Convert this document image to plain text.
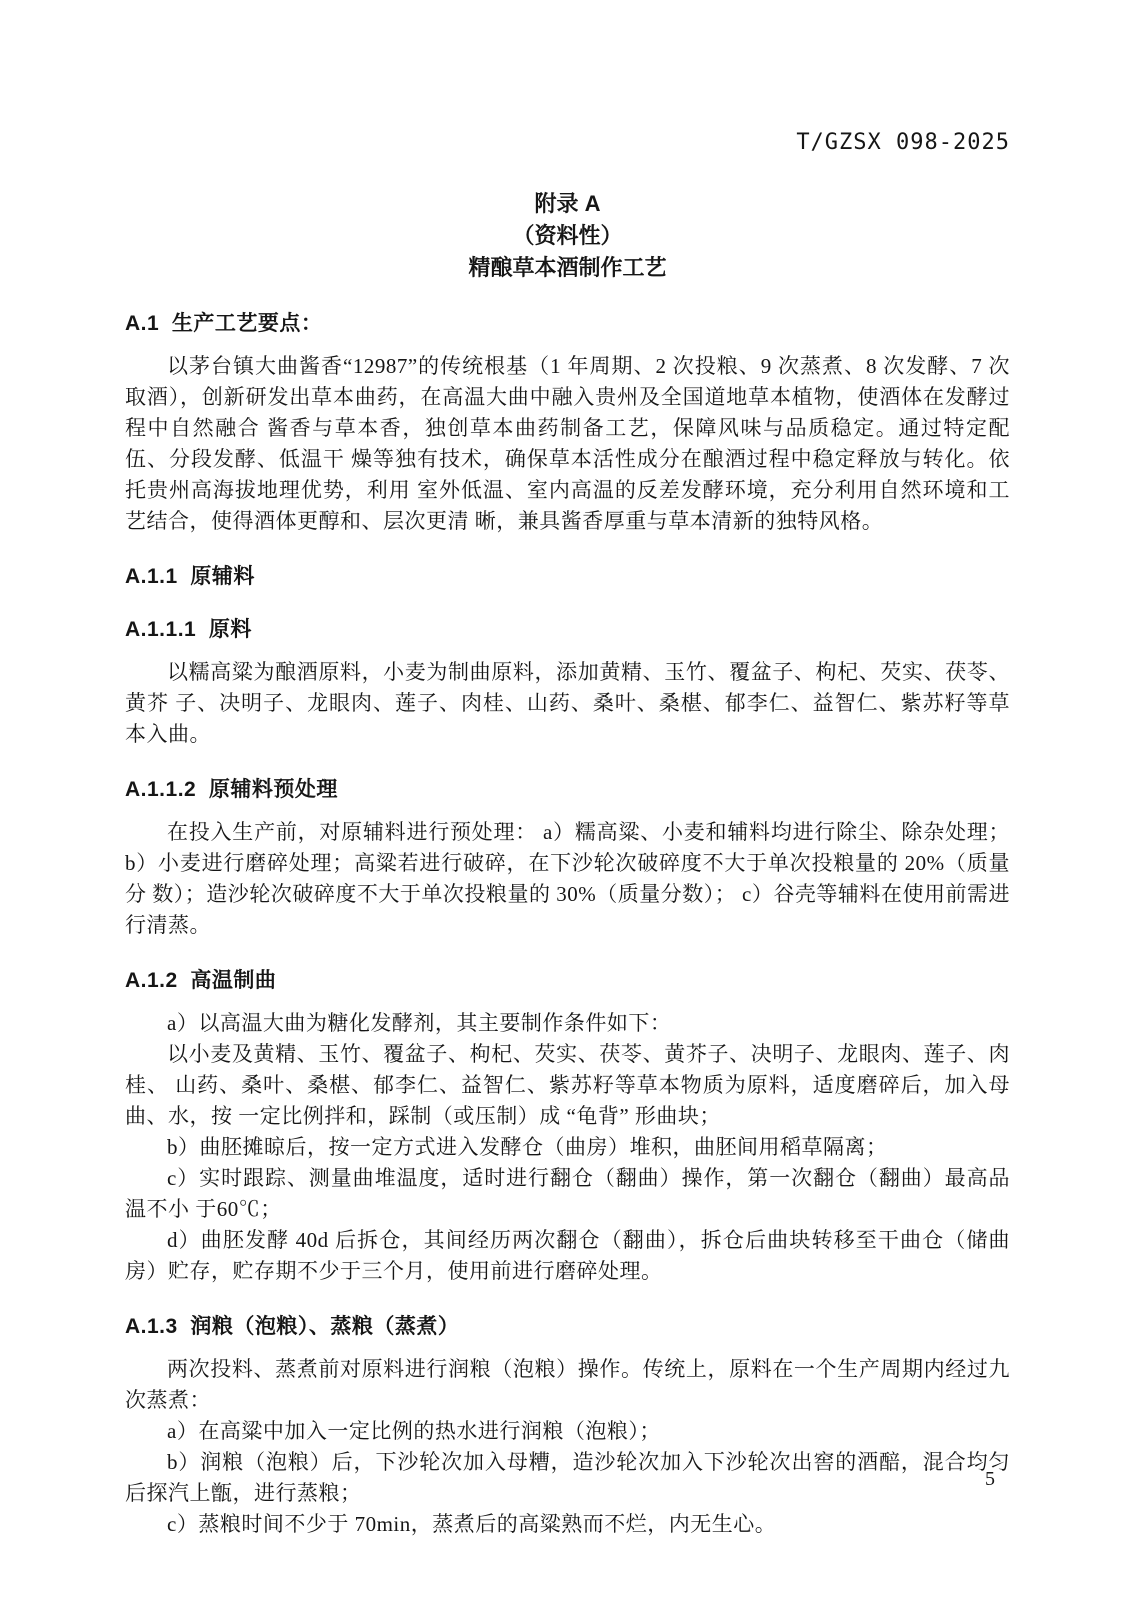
T/GZSX 098-2025
附录 A
（资料性）
精酿草本酒制作工艺
A.1  生产工艺要点：

以茅台镇大曲酱香“12987”的传统根基（1 年周期、2 次投粮、9 次蒸煮、8 次发酵、7 次取酒），创新研发出草本曲药，在高温大曲中融入贵州及全国道地草本植物，使酒体在发酵过程中自然融合 酱香与草本香，独创草本曲药制备工艺，保障风味与品质稳定。通过特定配伍、分段发酵、低温干 燥等独有技术，确保草本活性成分在酿酒过程中稳定释放与转化。依托贵州高海拔地理优势，利用 室外低温、室内高温的反差发酵环境，充分利用自然环境和工艺结合，使得酒体更醇和、层次更清 晰，兼具酱香厚重与草本清新的独特风格。

A.1.1  原辅料
A.1.1.1  原料

以糯高粱为酿酒原料，小麦为制曲原料，添加黄精、玉竹、覆盆子、枸杞、芡实、茯苓、黄芥 子、决明子、龙眼肉、莲子、肉桂、山药、桑叶、桑椹、郁李仁、益智仁、紫苏籽等草本入曲。

A.1.1.2  原辅料预处理

在投入生产前，对原辅料进行预处理： a）糯高粱、小麦和辅料均进行除尘、除杂处理； b）小麦进行磨碎处理；高粱若进行破碎，在下沙轮次破碎度不大于单次投粮量的 20%（质量分 数）；造沙轮次破碎度不大于单次投粮量的 30%（质量分数）； c）谷壳等辅料在使用前需进行清蒸。

A.1.2  高温制曲

a）以高温大曲为糖化发酵剂，其主要制作条件如下：

以小麦及黄精、玉竹、覆盆子、枸杞、芡实、茯苓、黄芥子、决明子、龙眼肉、莲子、肉桂、 山药、桑叶、桑椹、郁李仁、益智仁、紫苏籽等草本物质为原料，适度磨碎后，加入母曲、水，按 一定比例拌和，踩制（或压制）成 “龟背” 形曲块；

b）曲胚摊晾后，按一定方式进入发酵仓（曲房）堆积，曲胚间用稻草隔离；

c）实时跟踪、测量曲堆温度，适时进行翻仓（翻曲）操作，第一次翻仓（翻曲）最高品温不小 于60℃；

d）曲胚发酵 40d 后拆仓，其间经历两次翻仓（翻曲），拆仓后曲块转移至干曲仓（储曲房）贮存，贮存期不少于三个月，使用前进行磨碎处理。

A.1.3  润粮（泡粮）、蒸粮（蒸煮）

两次投料、蒸煮前对原料进行润粮（泡粮）操作。传统上，原料在一个生产周期内经过九次蒸煮：

a）在高粱中加入一定比例的热水进行润粮（泡粮）；

b）润粮（泡粮）后，下沙轮次加入母糟，造沙轮次加入下沙轮次出窖的酒醅，混合均匀后探汽上甑，进行蒸粮；

c）蒸粮时间不少于 70min，蒸煮后的高粱熟而不烂，内无生心。

5
